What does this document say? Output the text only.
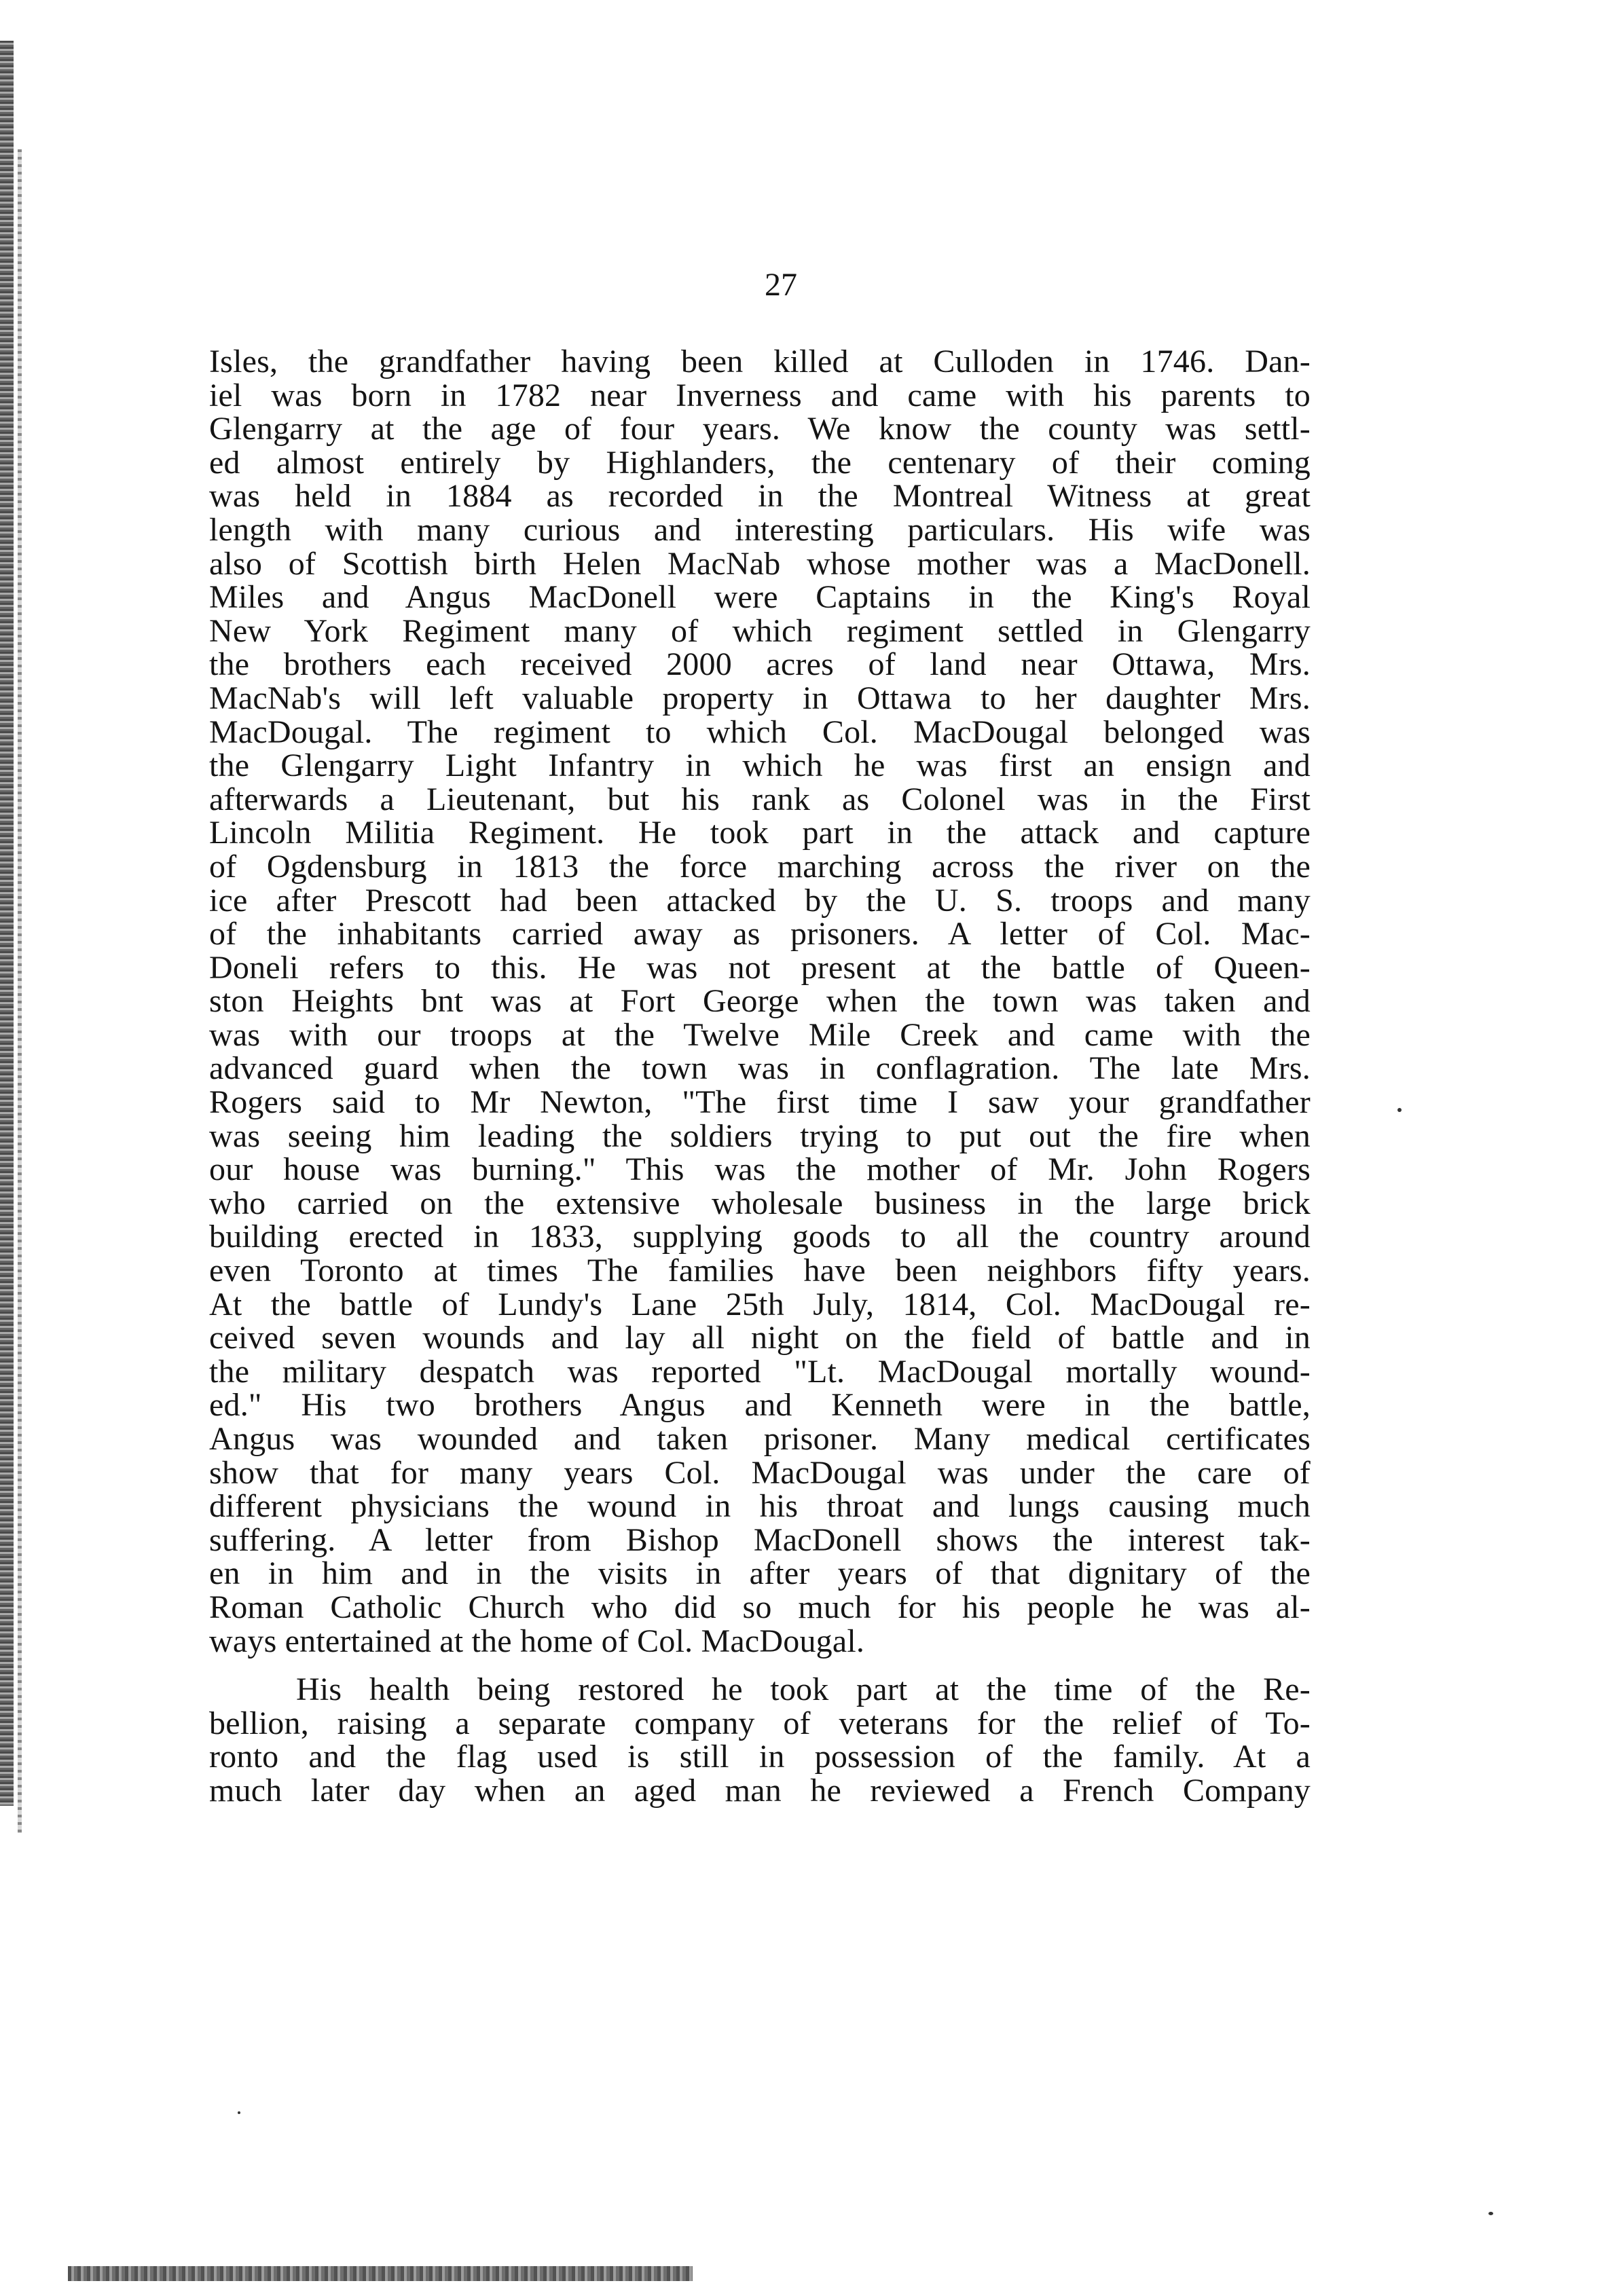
27
Isles, the grandfather having been killed at Culloden in 1746. Dan-
iel was born in 1782 near Inverness and came with his parents to
Glengarry at the age of four years. We know the county was settl-
ed almost entirely by Highlanders, the centenary of their coming
was held in 1884 as recorded in the Montreal Witness at great
length with many curious and interesting particulars. His wife was
also of Scottish birth Helen MacNab whose mother was a MacDonell.
Miles and Angus MacDonell were Captains in the King's Royal
New York Regiment many of which regiment settled in Glengarry
the brothers each received 2000 acres of land near Ottawa, Mrs.
MacNab's will left valuable property in Ottawa to her daughter Mrs.
MacDougal. The regiment to which Col. MacDougal belonged was
the Glengarry Light Infantry in which he was first an ensign and
afterwards a Lieutenant, but his rank as Colonel was in the First
Lincoln Militia Regiment. He took part in the attack and capture
of Ogdensburg in 1813 the force marching across the river on the
ice after Prescott had been attacked by the U. S. troops and many
of the inhabitants carried away as prisoners. A letter of Col. Mac-
Doneli refers to this. He was not present at the battle of Queen-
ston Heights bnt was at Fort George when the town was taken and
was with our troops at the Twelve Mile Creek and came with the
advanced guard when the town was in conflagration. The late Mrs.
Rogers said to Mr Newton, "The first time I saw your grandfather
was seeing him leading the soldiers trying to put out the fire when
our house was burning." This was the mother of Mr. John Rogers
who carried on the extensive wholesale business in the large brick
building erected in 1833, supplying goods to all the country around
even Toronto at times The families have been neighbors fifty years.
At the battle of Lundy's Lane 25th July, 1814, Col. MacDougal re-
ceived seven wounds and lay all night on the field of battle and in
the military despatch was reported "Lt. MacDougal mortally wound-
ed." His two brothers Angus and Kenneth were in the battle,
Angus was wounded and taken prisoner. Many medical certificates
show that for many years Col. MacDougal was under the care of
different physicians the wound in his throat and lungs causing much
suffering. A letter from Bishop MacDonell shows the interest tak-
en in him and in the visits in after years of that dignitary of the
Roman Catholic Church who did so much for his people he was al-
ways entertained at the home of Col. MacDougal.
His health being restored he took part at the time of the Re-
bellion, raising a separate company of veterans for the relief of To-
ronto and the flag used is still in possession of the family. At a
much later day when an aged man he reviewed a French Company
